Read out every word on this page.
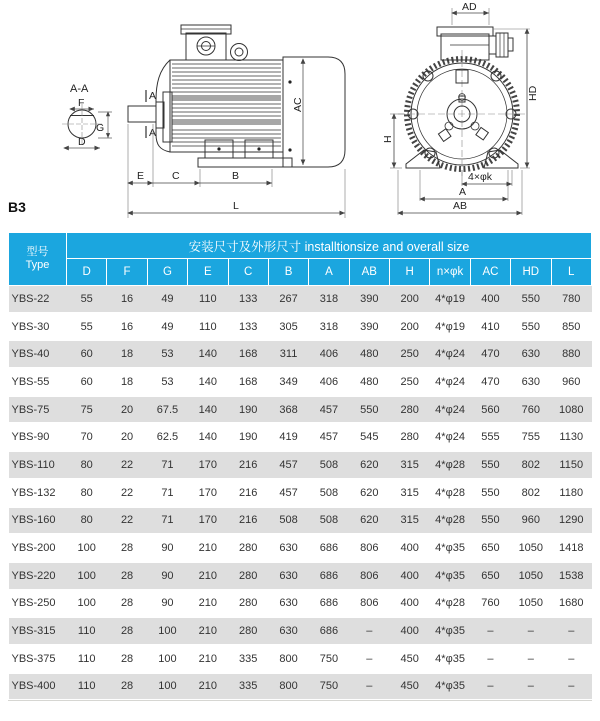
A-A
F
G
D
A
A
AC
E	C	B
L
AD
HD
H
4×φk
A
AB
B3
型号
Type	安装尺寸及外形尺寸 installtionsize and overall size												
	D	F	G	E	C	B	A	AB	H	n×φk	AC	HD	L
YBS-22	55	16	49	110	133	267	318	390	200	4*φ19	400	550	780
YBS-30	55	16	49	110	133	305	318	390	200	4*φ19	410	550	850
YBS-40	60	18	53	140	168	311	406	480	250	4*φ24	470	630	880
YBS-55	60	18	53	140	168	349	406	480	250	4*φ24	470	630	960
YBS-75	75	20	67.5	140	190	368	457	550	280	4*φ24	560	760	1080
YBS-90	70	20	62.5	140	190	419	457	545	280	4*φ24	555	755	1130
YBS-110	80	22	71	170	216	457	508	620	315	4*φ28	550	802	1150
YBS-132	80	22	71	170	216	457	508	620	315	4*φ28	550	802	1180
YBS-160	80	22	71	170	216	508	508	620	315	4*φ28	550	960	1290
YBS-200	100	28	90	210	280	630	686	806	400	4*φ35	650	1050	1418
YBS-220	100	28	90	210	280	630	686	806	400	4*φ35	650	1050	1538
YBS-250	100	28	90	210	280	630	686	806	400	4*φ28	760	1050	1680
YBS-315	110	28	100	210	280	630	686	–	400	4*φ35	–	–	–
YBS-375	110	28	100	210	335	800	750	–	450	4*φ35	–	–	–
YBS-400	110	28	100	210	335	800	750	–	450	4*φ35	–	–	–
